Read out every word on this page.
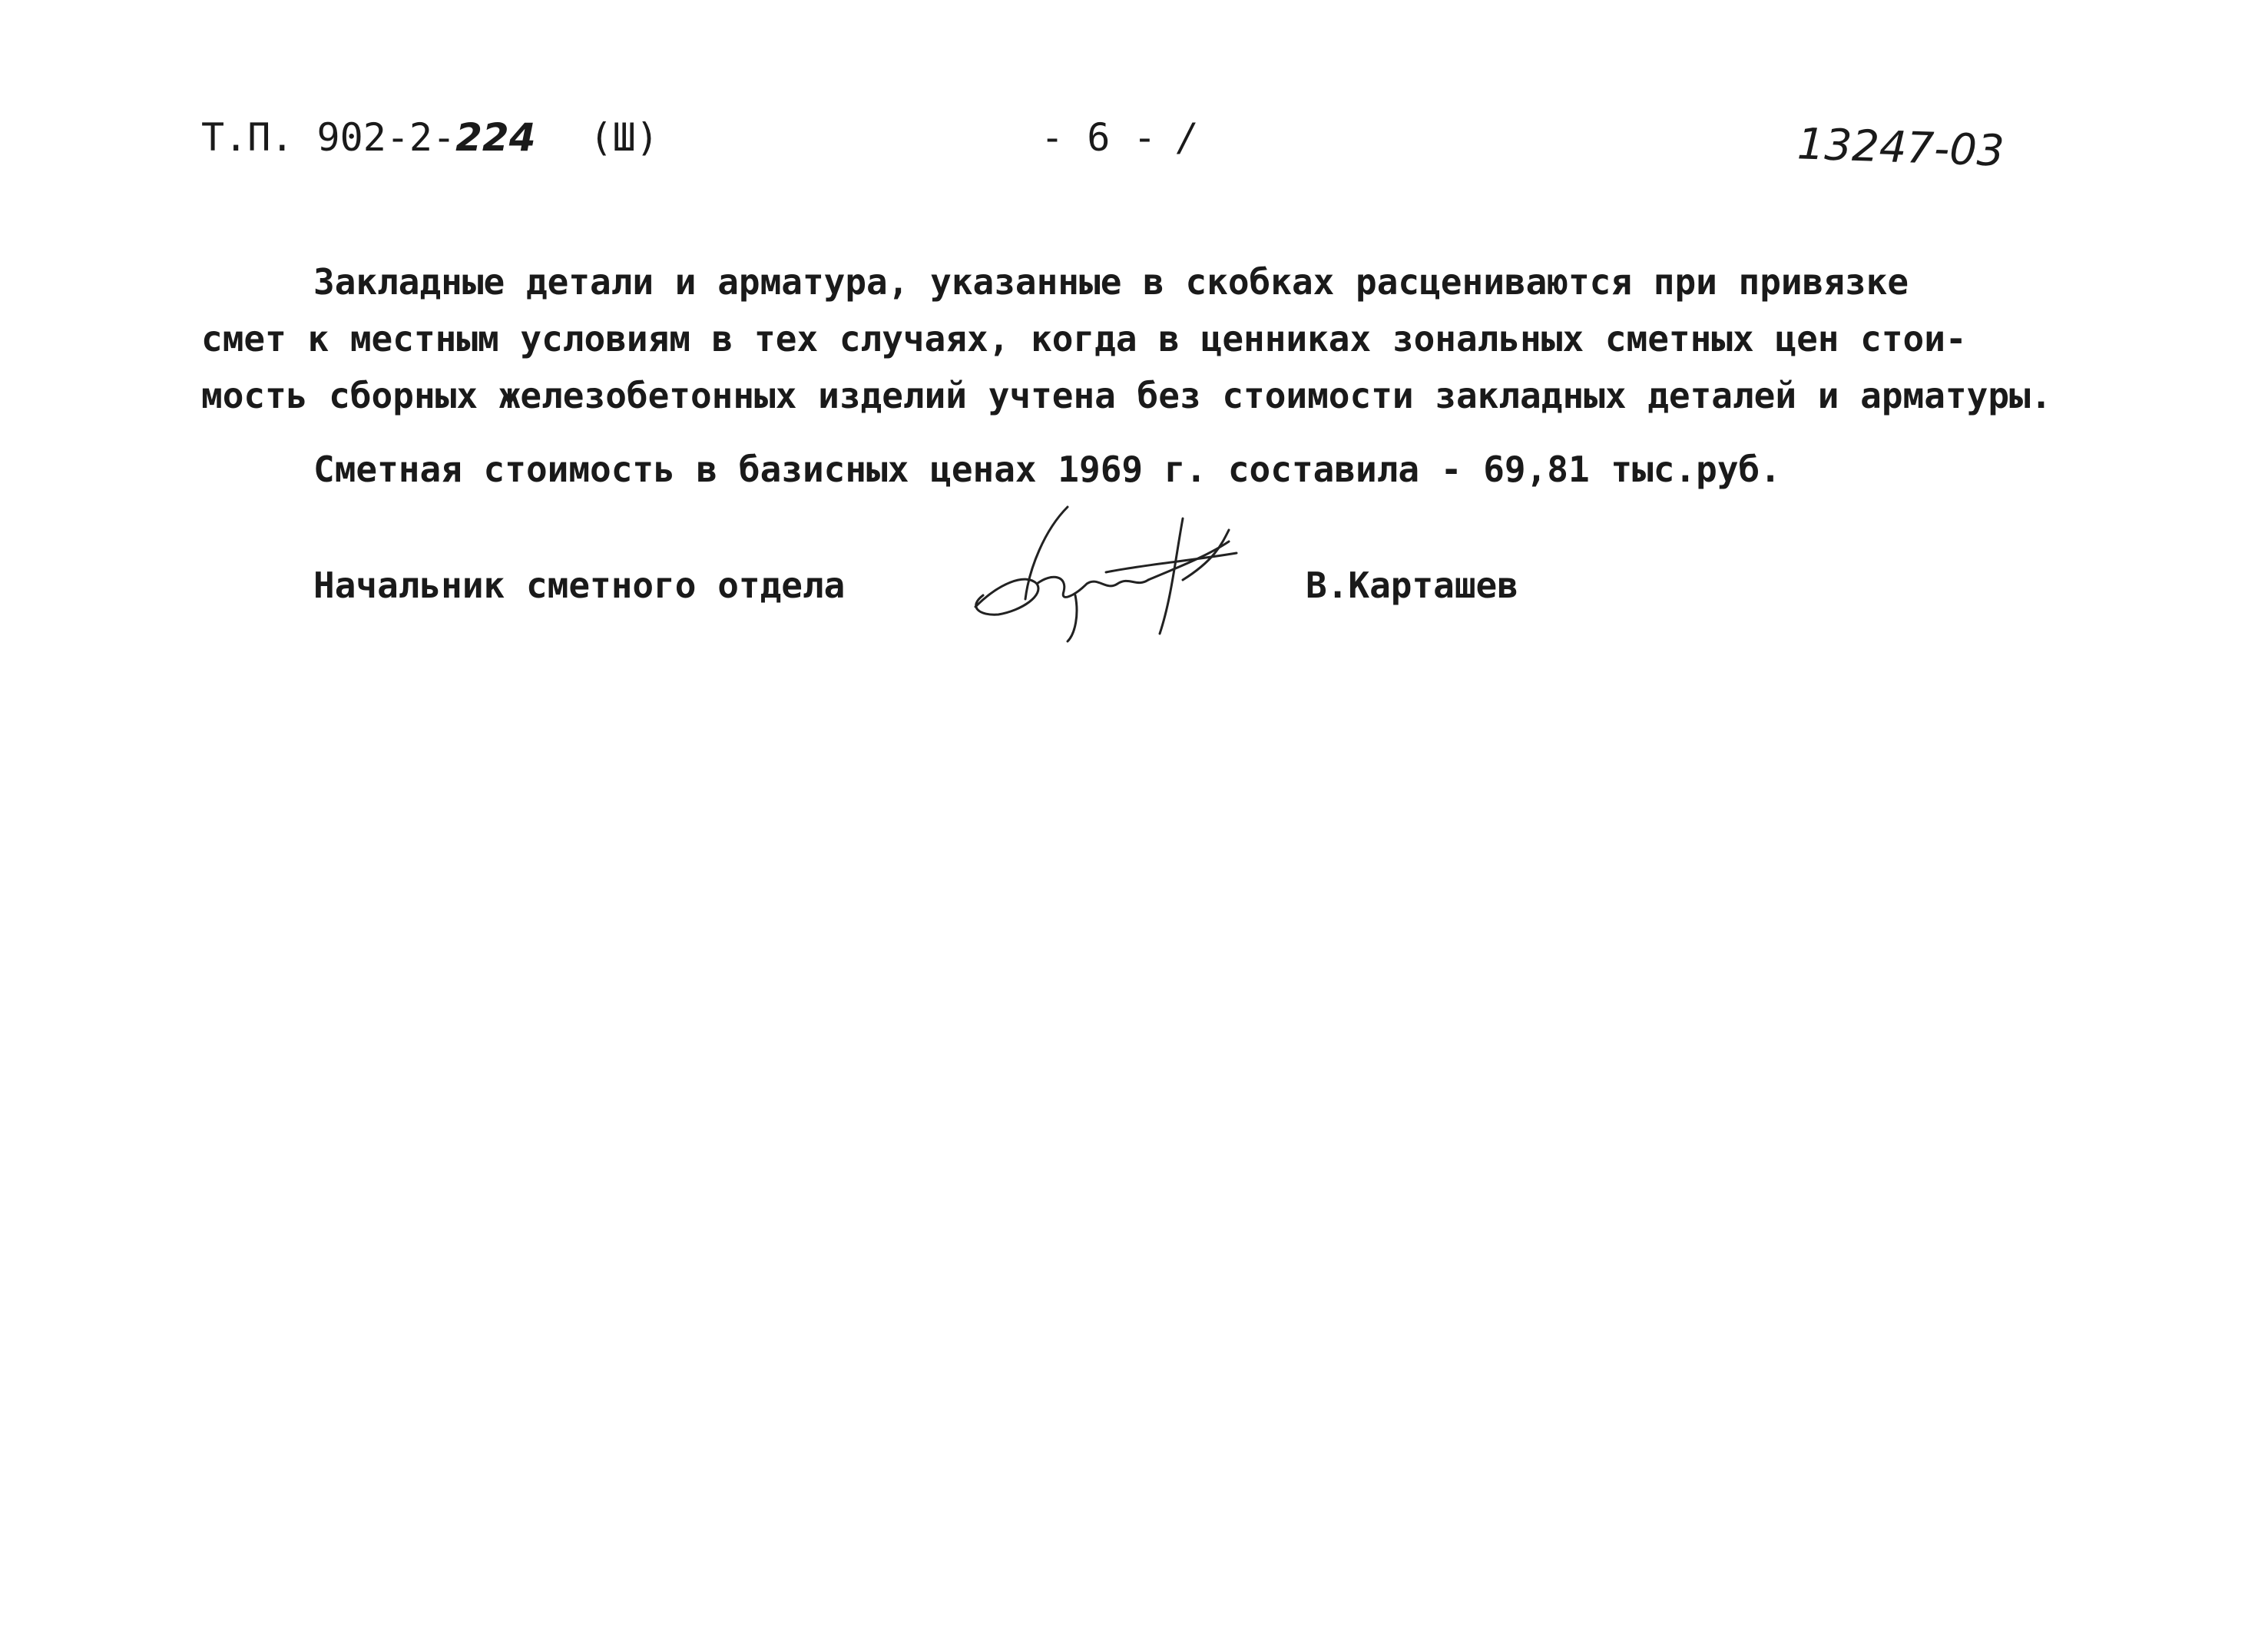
Т.П. 902-2-224 (Ш)	- 6 - /	13247-03
Закладные детали и арматура, указанные в скобках расцениваются при привязке
смет к местным условиям в тех случаях, когда в ценниках зональных сметных цен стои-
мость сборных железобетонных изделий учтена без стоимости закладных деталей и арматуры.
Сметная стоимость в базисных ценах 1969 г. составила - 69,81 тыс.руб.
Начальник сметного отдела	В.Карташев
